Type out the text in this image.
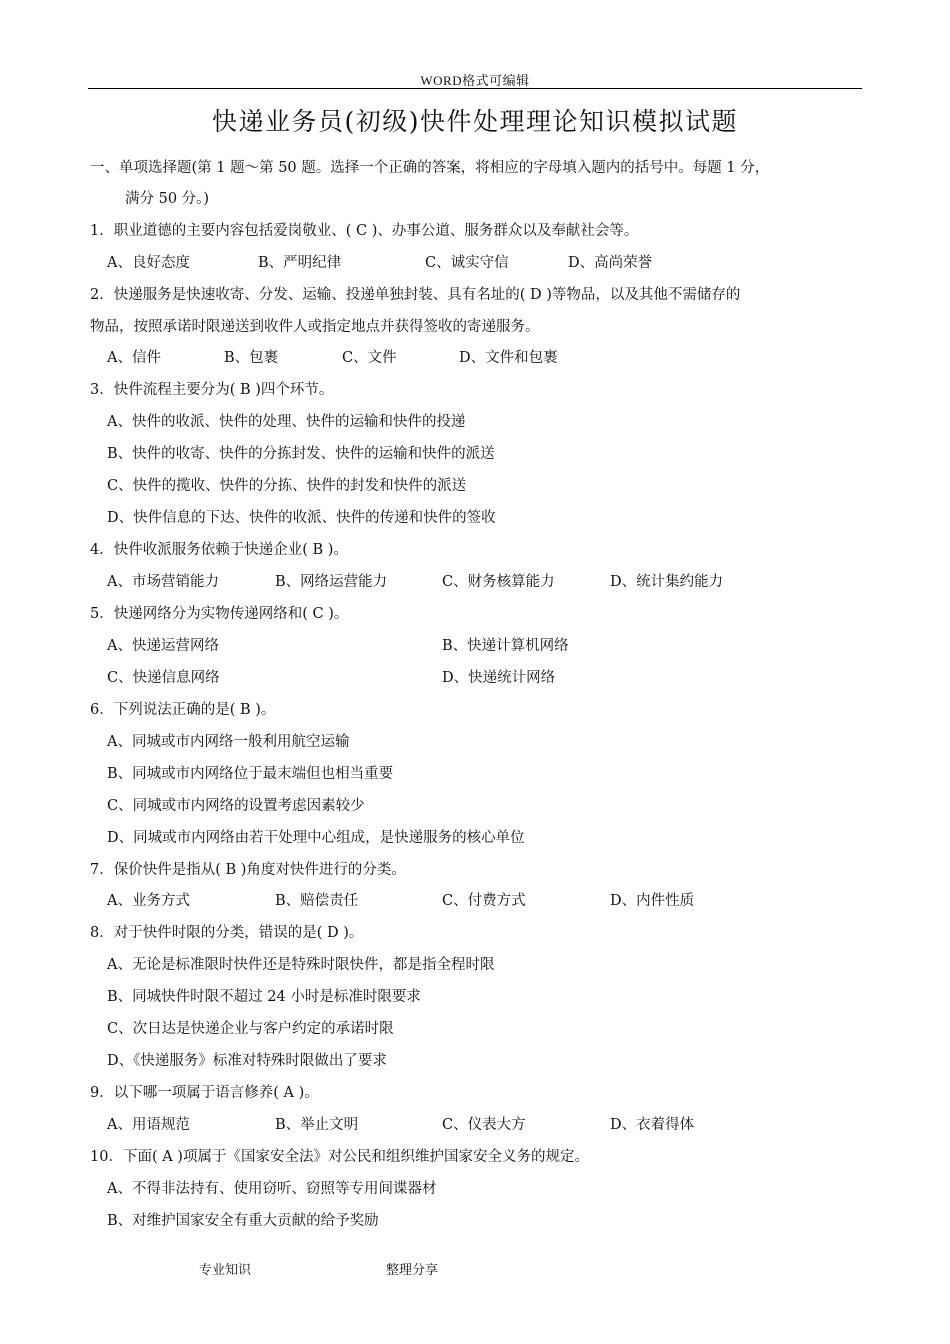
WORD格式可编辑
快递业务员(初级)快件处理理论知识模拟试题
一、单项选择题(第 1 题～第 50 题。选择一个正确的答案，将相应的字母填入题内的括号中。每题 1 分，
满分 50 分。)
1．职业道德的主要内容包括爱岗敬业、( C )、办事公道、服务群众以及奉献社会等。
A、良好态度	B、严明纪律	C、诚实守信	D、高尚荣誉
2．快递服务是快速收寄、分发、运输、投递单独封装、具有名址的( D )等物品，以及其他不需储存的
物品，按照承诺时限递送到收件人或指定地点并获得签收的寄递服务。
A、信件	B、包裹	C、文件	D、文件和包裹
3．快件流程主要分为( B )四个环节。
A、快件的收派、快件的处理、快件的运输和快件的投递
B、快件的收寄、快件的分拣封发、快件的运输和快件的派送
C、快件的揽收、快件的分拣、快件的封发和快件的派送
D、快件信息的下达、快件的收派、快件的传递和快件的签收
4．快件收派服务依赖于快递企业( B )。
A、市场营销能力	B、网络运营能力	C、财务核算能力	D、统计集约能力
5．快递网络分为实物传递网络和( C )。
A、快递运营网络	B、快递计算机网络
C、快递信息网络	D、快递统计网络
6．下列说法正确的是( B )。
A、同城或市内网络一般利用航空运输
B、同城或市内网络位于最末端但也相当重要
C、同城或市内网络的设置考虑因素较少
D、同城或市内网络由若干处理中心组成，是快递服务的核心单位
7．保价快件是指从( B )角度对快件进行的分类。
A、业务方式	B、赔偿责任	C、付费方式	D、内件性质
8．对于快件时限的分类，错误的是( D )。
A、无论是标准限时快件还是特殊时限快件，都是指全程时限
B、同城快件时限不超过 24 小时是标准时限要求
C、次日达是快递企业与客户约定的承诺时限
D、《快递服务》标准对特殊时限做出了要求
9．以下哪一项属于语言修养( A )。
A、用语规范	B、举止文明	C、仪表大方	D、衣着得体
10．下面( A )项属于《国家安全法》对公民和组织维护国家安全义务的规定。
A、不得非法持有、使用窃听、窃照等专用间谍器材
B、对维护国家安全有重大贡献的给予奖励
专业知识	整理分享
